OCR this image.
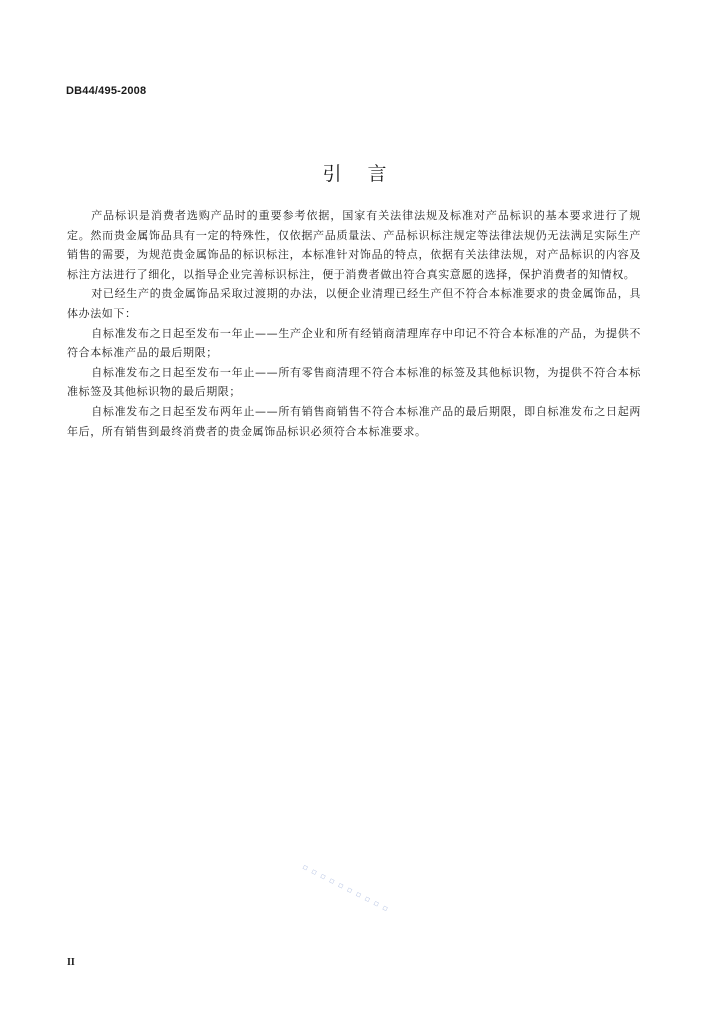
DB44/495-2008
引言

产品标识是消费者选购产品时的重要参考依据，国家有关法律法规及标准对产品标识的基本要求进行了规定。然而贵金属饰品具有一定的特殊性，仅依据产品质量法、产品标识标注规定等法律法规仍无法满足实际生产销售的需要，为规范贵金属饰品的标识标注，本标准针对饰品的特点，依据有关法律法规，对产品标识的内容及标注方法进行了细化，以指导企业完善标识标注，便于消费者做出符合真实意愿的选择，保护消费者的知情权。

对已经生产的贵金属饰品采取过渡期的办法，以便企业清理已经生产但不符合本标准要求的贵金属饰品，具体办法如下：

自标准发布之日起至发布一年止——生产企业和所有经销商清理库存中印记不符合本标准的产品，为提供不符合本标准产品的最后期限；

自标准发布之日起至发布一年止——所有零售商清理不符合本标准的标签及其他标识物，为提供不符合本标准标签及其他标识物的最后期限；

自标准发布之日起至发布两年止——所有销售商销售不符合本标准产品的最后期限，即自标准发布之日起两年后，所有销售到最终消费者的贵金属饰品标识必须符合本标准要求。

▫ ▫ ▫ ▫ ▫ ▫ ▫ ▫ ▫ ▫
II
